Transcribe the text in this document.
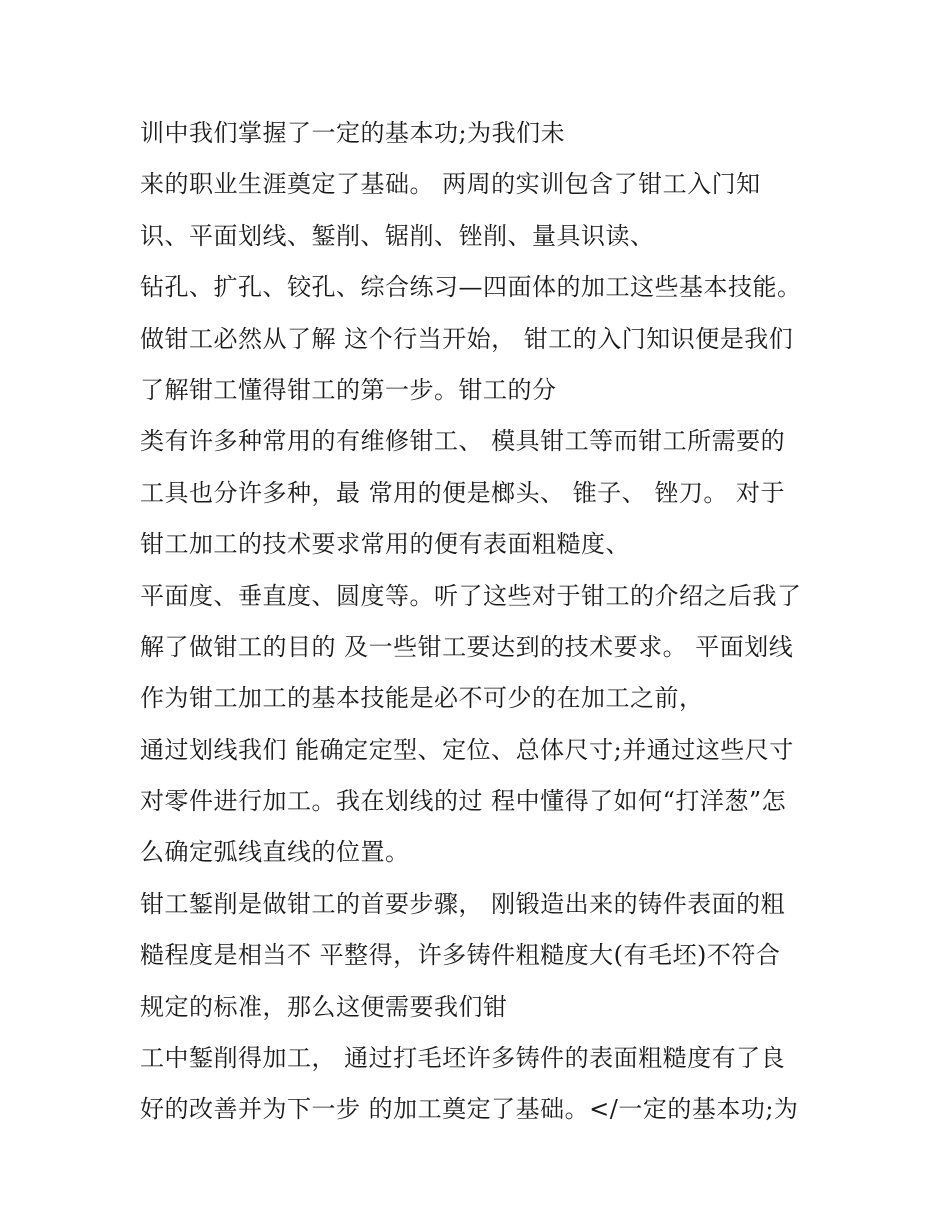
训中我们掌握了一定的基本功;为我们未
来的职业生涯奠定了基础。 两周的实训包含了钳工入门知
识、平面划线、錾削、锯削、锉削、量具识读、
钻孔、扩孔、铰孔、综合练习—四面体的加工这些基本技能。
做钳工必然从了解 这个行当开始， 钳工的入门知识便是我们
了解钳工懂得钳工的第一步。钳工的分
类有许多种常用的有维修钳工、 模具钳工等而钳工所需要的
工具也分许多种，最 常用的便是榔头、 锥子、 锉刀。 对于
钳工加工的技术要求常用的便有表面粗糙度、
平面度、垂直度、圆度等。听了这些对于钳工的介绍之后我了
解了做钳工的目的 及一些钳工要达到的技术要求。 平面划线
作为钳工加工的基本技能是必不可少的在加工之前，
通过划线我们 能确定定型、定位、总体尺寸;并通过这些尺寸
对零件进行加工。我在划线的过 程中懂得了如何“打洋葱”怎
么确定弧线直线的位置。
钳工錾削是做钳工的首要步骤， 刚锻造出来的铸件表面的粗
糙程度是相当不 平整得，许多铸件粗糙度大(有毛坯)不符合
规定的标准，那么这便需要我们钳
工中錾削得加工， 通过打毛坯许多铸件的表面粗糙度有了良
好的改善并为下一步 的加工奠定了基础。</一定的基本功;为
